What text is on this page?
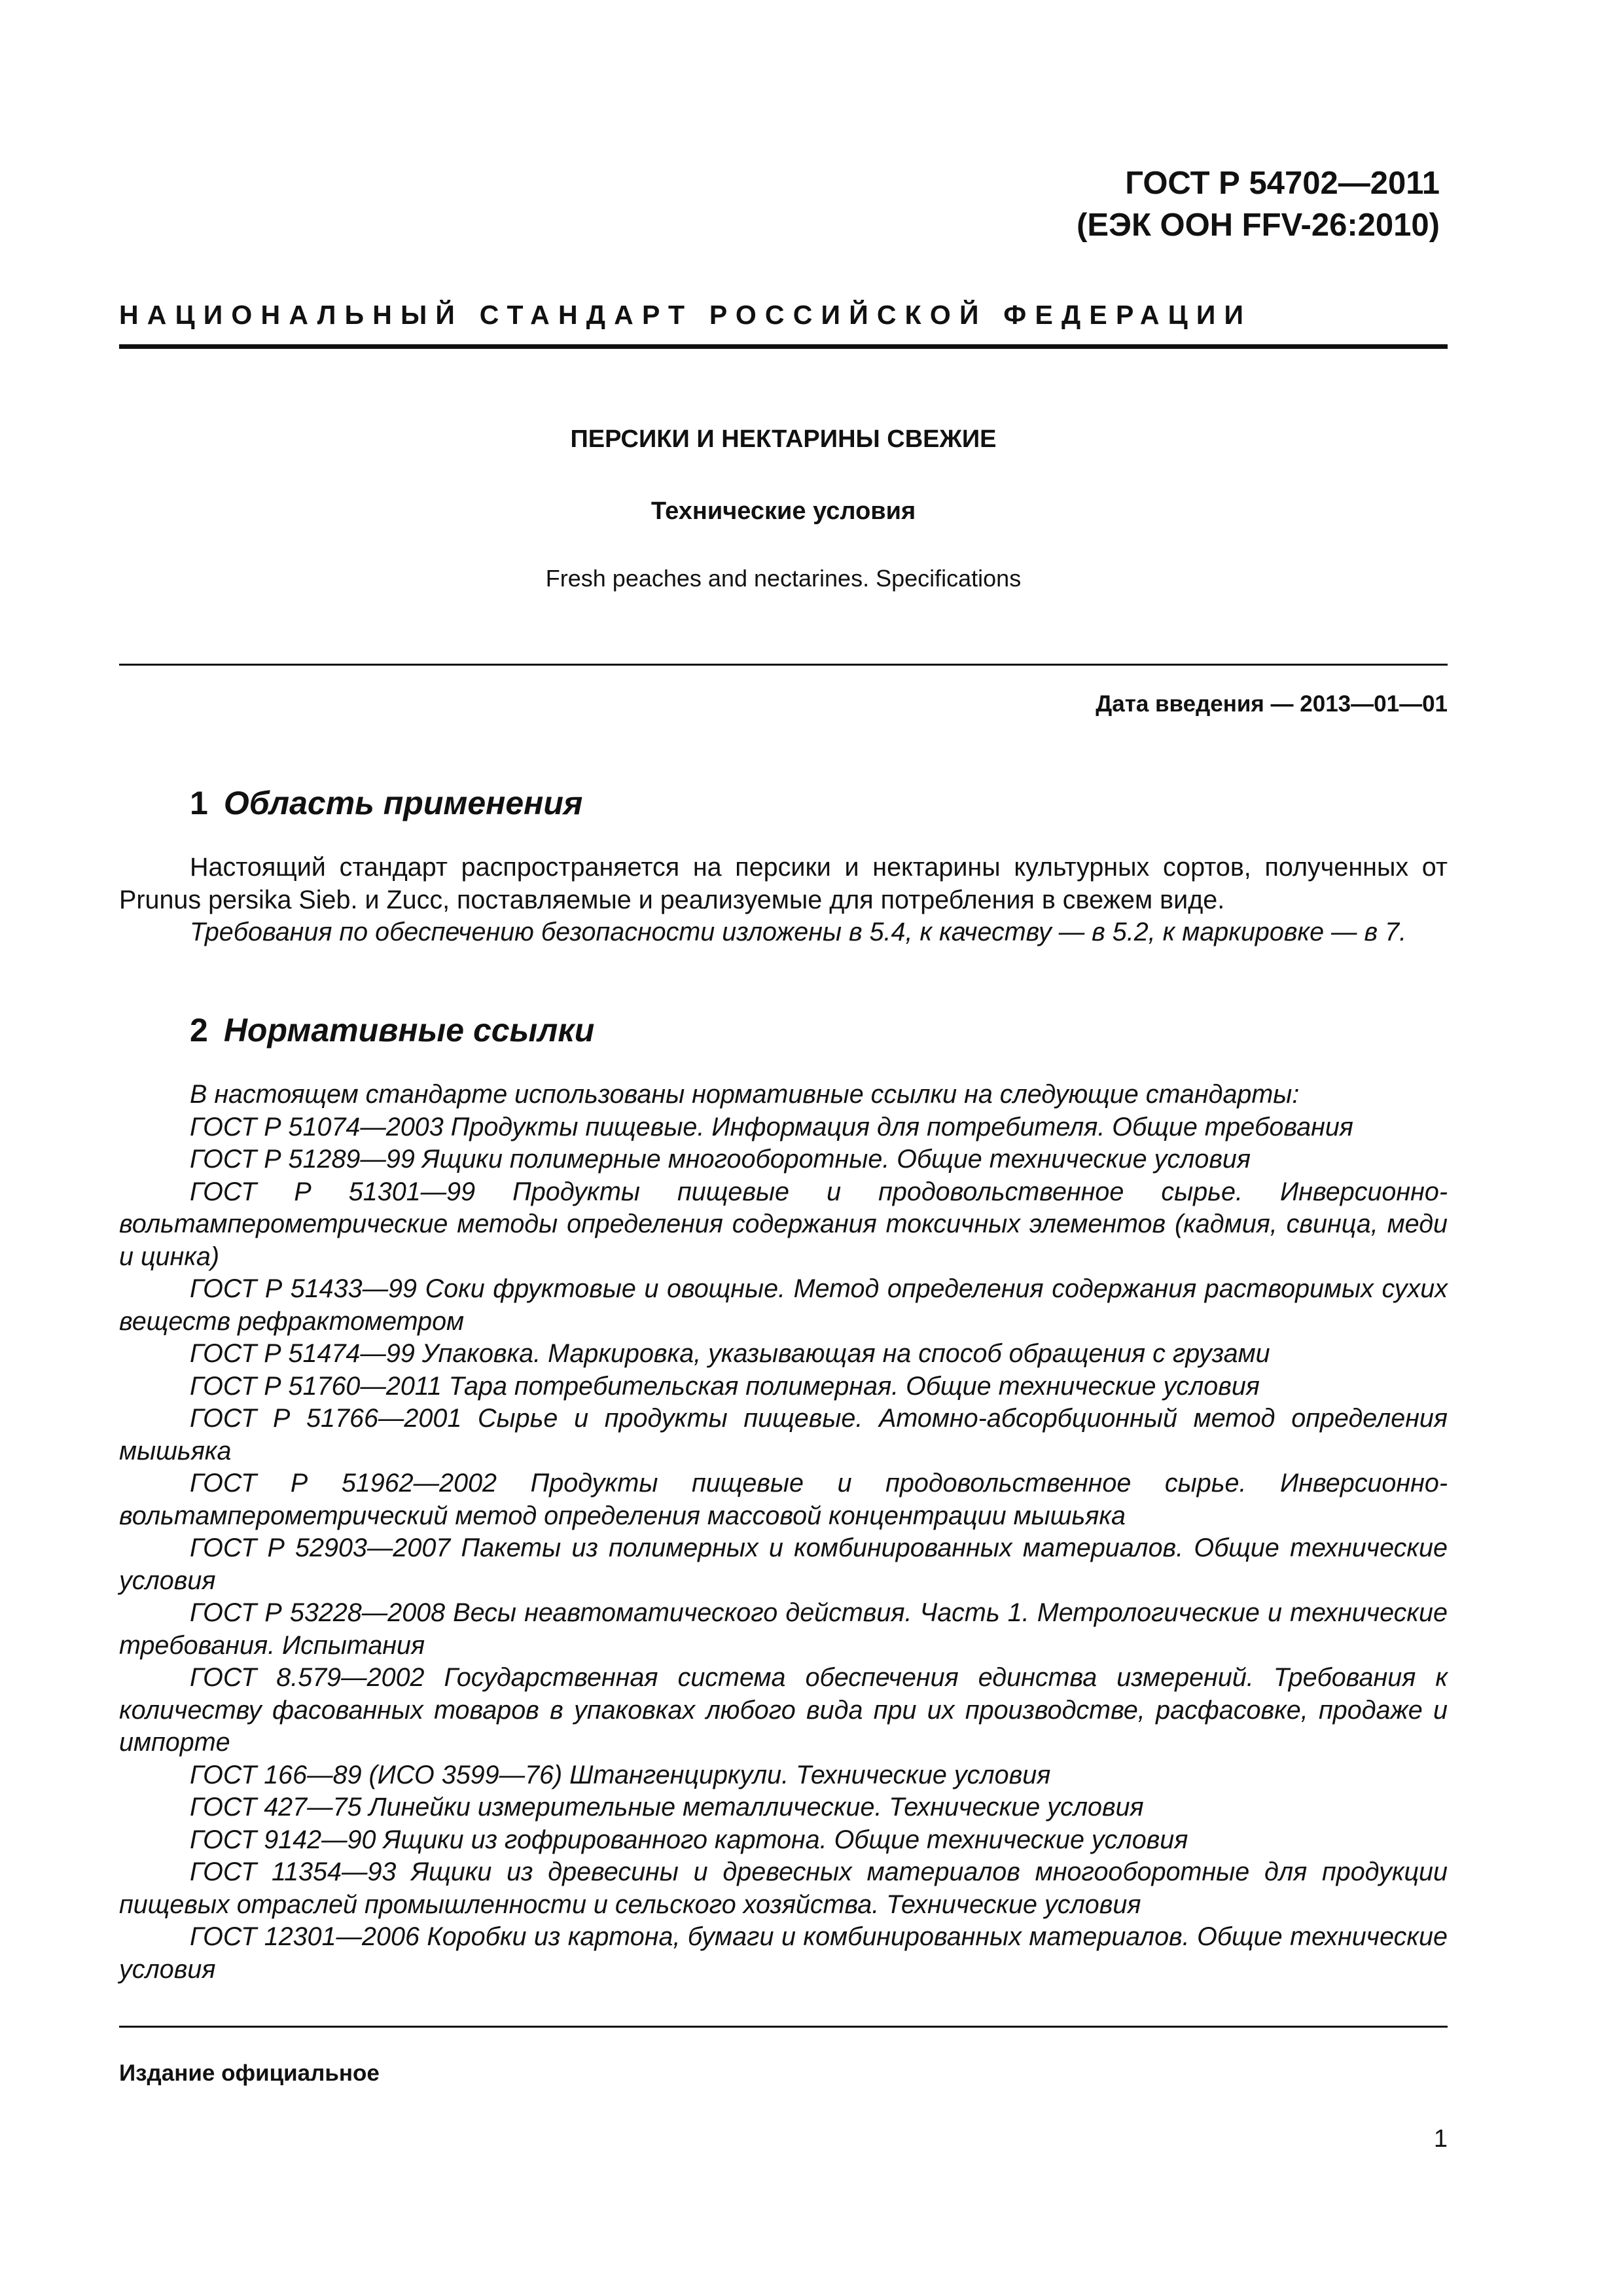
ГОСТ Р 54702—2011
(ЕЭК ООН FFV-26:2010)
НАЦИОНАЛЬНЫЙ СТАНДАРТ РОССИЙСКОЙ ФЕДЕРАЦИИ
ПЕРСИКИ И НЕКТАРИНЫ СВЕЖИЕ
Технические условия
Fresh peaches and nectarines. Specifications
Дата введения — 2013—01—01
1 Область применения

Настоящий стандарт распространяется на персики и нектарины культурных сортов, полученных от Prunus persika Sieb. и Zucc, поставляемые и реализуемые для потребления в свежем виде.

Требования по обеспечению безопасности изложены в 5.4, к качеству — в 5.2, к маркировке — в 7.

2 Нормативные ссылки

В настоящем стандарте использованы нормативные ссылки на следующие стандарты:

ГОСТ Р 51074—2003 Продукты пищевые. Информация для потребителя. Общие требования

ГОСТ Р 51289—99 Ящики полимерные многооборотные. Общие технические условия

ГОСТ Р 51301—99 Продукты пищевые и продовольственное сырье. Инверсионно-вольтамперометрические методы определения содержания токсичных элементов (кадмия, свинца, меди и цинка)

ГОСТ Р 51433—99 Соки фруктовые и овощные. Метод определения содержания растворимых сухих веществ рефрактометром

ГОСТ Р 51474—99 Упаковка. Маркировка, указывающая на способ обращения с грузами

ГОСТ Р 51760—2011 Тара потребительская полимерная. Общие технические условия

ГОСТ Р 51766—2001 Сырье и продукты пищевые. Атомно-абсорбционный метод определения мышьяка

ГОСТ Р 51962—2002 Продукты пищевые и продовольственное сырье. Инверсионно-вольтамперометрический метод определения массовой концентрации мышьяка

ГОСТ Р 52903—2007 Пакеты из полимерных и комбинированных материалов. Общие технические условия

ГОСТ Р 53228—2008 Весы неавтоматического действия. Часть 1. Метрологические и технические требования. Испытания

ГОСТ 8.579—2002 Государственная система обеспечения единства измерений. Требования к количеству фасованных товаров в упаковках любого вида при их производстве, расфасовке, продаже и импорте

ГОСТ 166—89 (ИСО 3599—76) Штангенциркули. Технические условия

ГОСТ 427—75 Линейки измерительные металлические. Технические условия

ГОСТ 9142—90 Ящики из гофрированного картона. Общие технические условия

ГОСТ 11354—93 Ящики из древесины и древесных материалов многооборотные для продукции пищевых отраслей промышленности и сельского хозяйства. Технические условия

ГОСТ 12301—2006 Коробки из картона, бумаги и комбинированных материалов. Общие технические условия

Издание официальное
1
